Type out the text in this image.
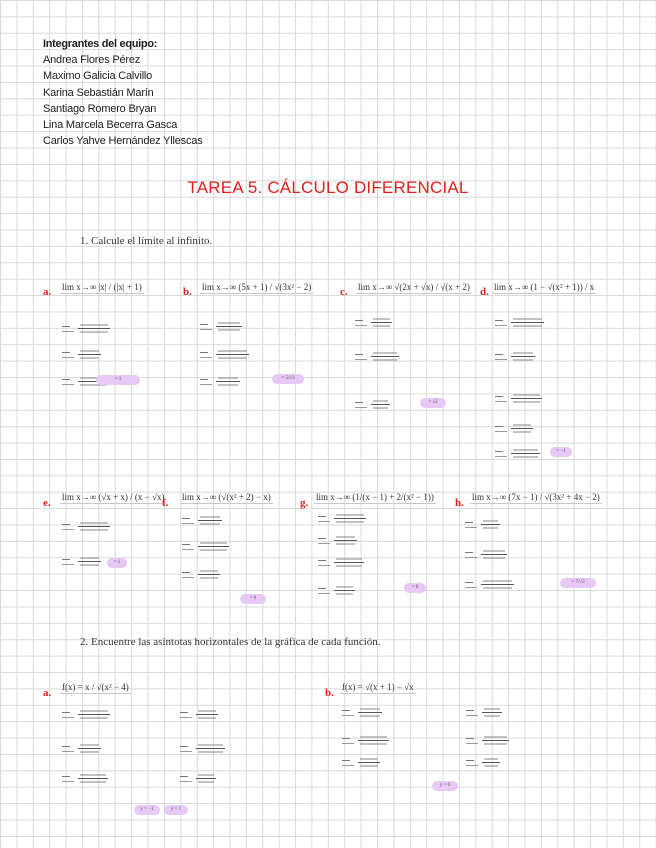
Integrantes del equipo:
Andrea Flores Pérez
Maximo Galicia Calvillo
Karina Sebastián Marín
Santiago Romero Bryan
Lina Marcela Becerra Gasca
Carlos Yahve Hernández Yllescas
TAREA 5. CÁLCULO DIFERENCIAL
1. Calcule el límite al infinito.
a. lim x→∞ |x| / (|x| + 1)	b. lim x→∞ (5x + 1) / √(3x² − 2)	c. lim x→∞ √(2x + √x) / √(x + 2) d. lim x→∞ (1 − √(x² + 1)) / x
e. lim x→∞ (√x + x) / (x − √x)
f. lim x→∞ (√(x² + 2) − x)	g. lim x→∞ (1/(x − 1) + 2/(x² − 1)) h. lim x→∞ (7x − 1) / √(3x² + 4x − 2)
2. Encuentre las asíntotas horizontales de la gráfica de cada función.
a. f(x) = x / √(x² − 4)	b. f(x) = √(x + 1) − √x
= 1	= 5/√3
= √2
= −1
= 1
= 0
= 0
= 7/√3
y = −1	y = 1
y = 0
